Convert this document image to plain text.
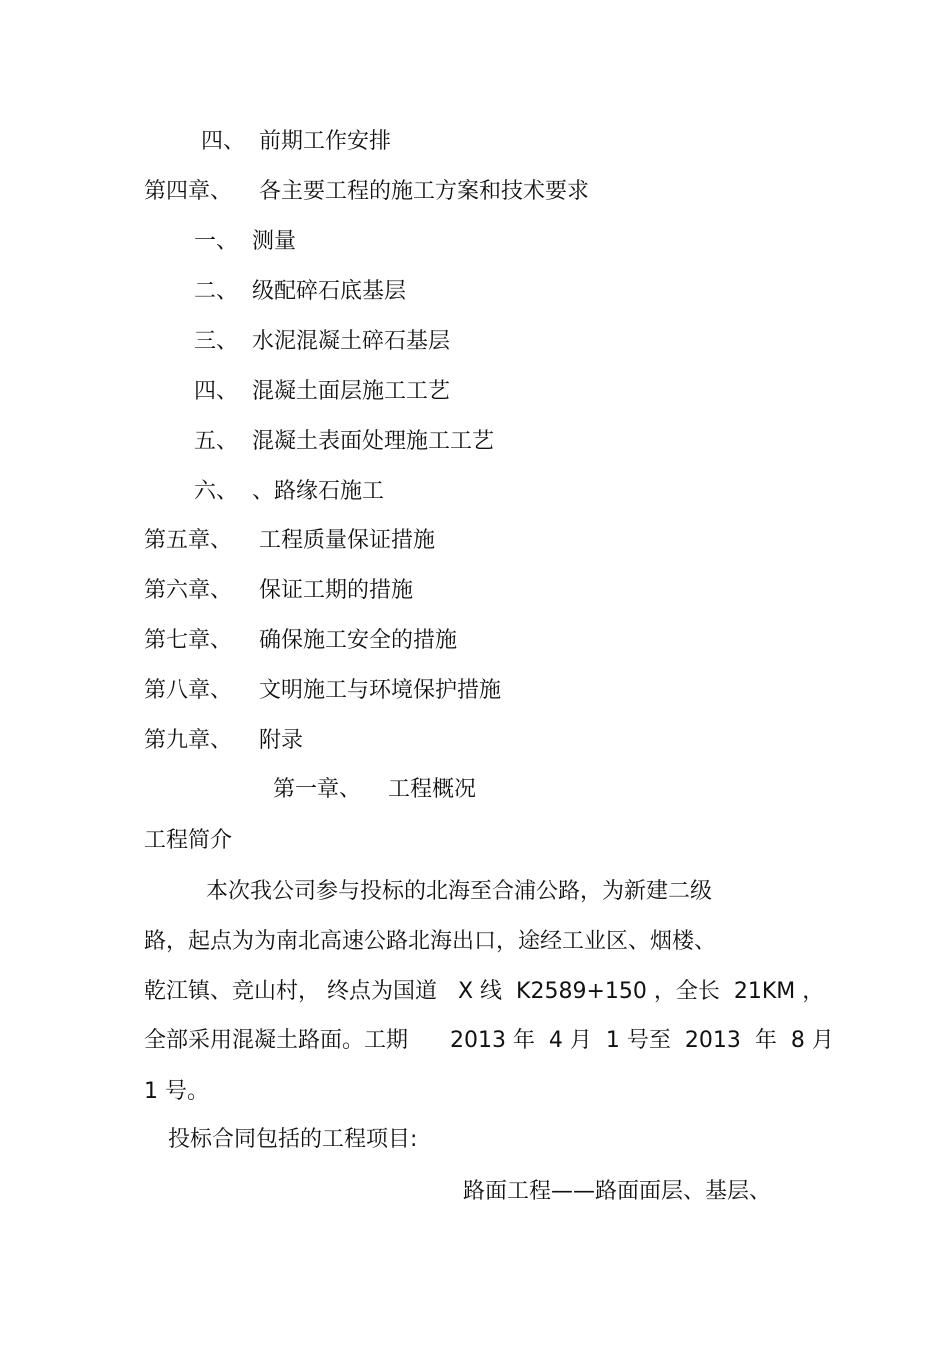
四、 前期工作安排
第四章、 各主要工程的施工方案和技术要求
一、 测量
二、 级配碎石底基层
三、 水泥混凝土碎石基层
四、 混凝土面层施工工艺
五、 混凝土表面处理施工工艺
六、 、路缘石施工
第五章、 工程质量保证措施
第六章、 保证工期的措施
第七章、 确保施工安全的措施
第八章、 文明施工与环境保护措施
第九章、 附录
第一章、 工程概况
工程简介
本次我公司参与投标的北海至合浦公路，为新建二级
路，起点为为南北高速公路北海出口，途经工业区、烟楼、
乾江镇、竞山村， 终点为国道   X 线  K2589+150 ，全长  21KM ，
全部采用混凝土路面。工期      2013 年  4 月  1 号至  2013  年  8 月
1 号。
投标合同包括的工程项目:
路面工程——路面面层、基层、
